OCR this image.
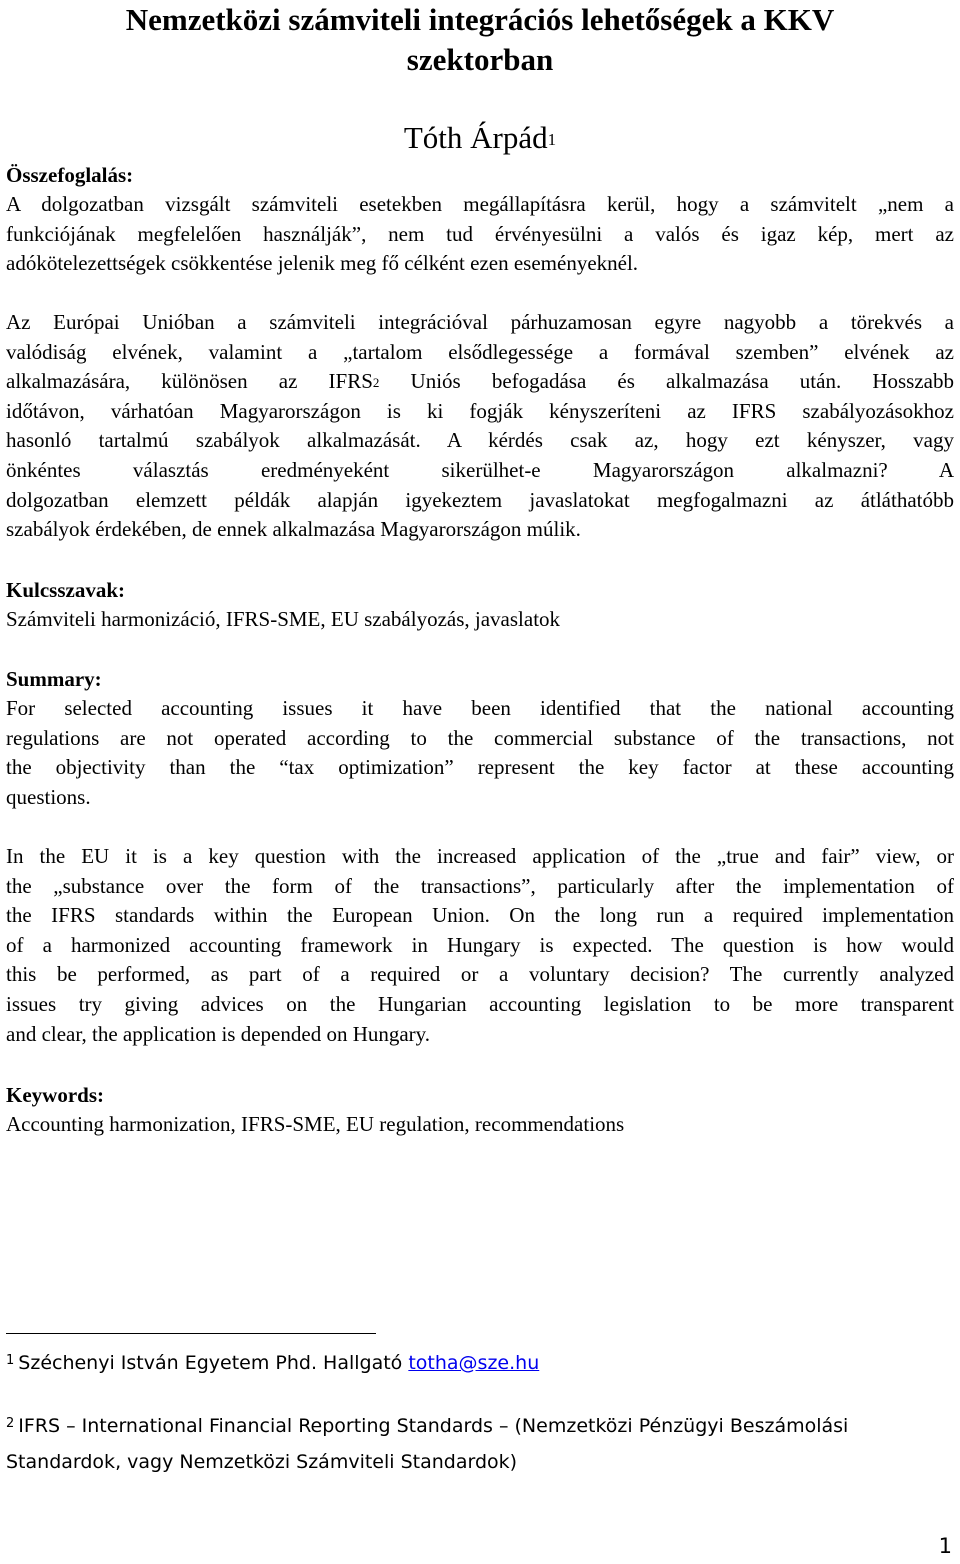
Nemzetközi számviteli integrációs lehetőségek a KKV
szektorban
Tóth Árpád$^1$
Összefoglalás:
A dolgozatban vizsgált számviteli esetekben megállapításra kerül, hogy a számvitelt „nem a
funkciójának megfelelően használják”, nem tud érvényesülni a valós és igaz kép, mert az
adókötelezettségek csökkentése jelenik meg fő célként ezen eseményeknél.
Az Európai Unióban a számviteli integrációval párhuzamosan egyre nagyobb a törekvés a
valódiság elvének, valamint a „tartalom elsődlegessége a formával szemben” elvének az
alkalmazására, különösen az IFRS$^2$ Uniós befogadása és alkalmazása után. Hosszabb
időtávon, várhatóan Magyarországon is ki fogják kényszeríteni az IFRS szabályozásokhoz
hasonló tartalmú szabályok alkalmazását. A kérdés csak az, hogy ezt kényszer, vagy
önkéntes választás eredményeként sikerülhet-e Magyarországon alkalmazni? A
dolgozatban elemzett példák alapján igyekeztem javaslatokat megfogalmazni az átláthatóbb
szabályok érdekében, de ennek alkalmazása Magyarországon múlik.
Kulcsszavak:
Számviteli harmonizáció, IFRS-SME, EU szabályozás, javaslatok
Summary:
For selected accounting issues it have been identified that the national accounting
regulations are not operated according to the commercial substance of the transactions, not
the objectivity than the “tax optimization” represent the key factor at these accounting
questions.
In the EU it is a key question with the increased application of the „true and fair” view, or
the „substance over the form of the transactions”, particularly after the implementation of
the IFRS standards within the European Union. On the long run a required implementation
of a harmonized accounting framework in Hungary is expected. The question is how would
this be performed, as part of a required or a voluntary decision? The currently analyzed
issues try giving advices on the Hungarian accounting legislation to be more transparent
and clear, the application is depended on Hungary.
Keywords:
Accounting harmonization, IFRS-SME, EU regulation, recommendations
$^1$ Széchenyi István Egyetem Phd. Hallgató totha@sze.hu
$^2$ IFRS – International Financial Reporting Standards – (Nemzetközi Pénzügyi Beszámolási
Standardok, vagy Nemzetközi Számviteli Standardok)
1
